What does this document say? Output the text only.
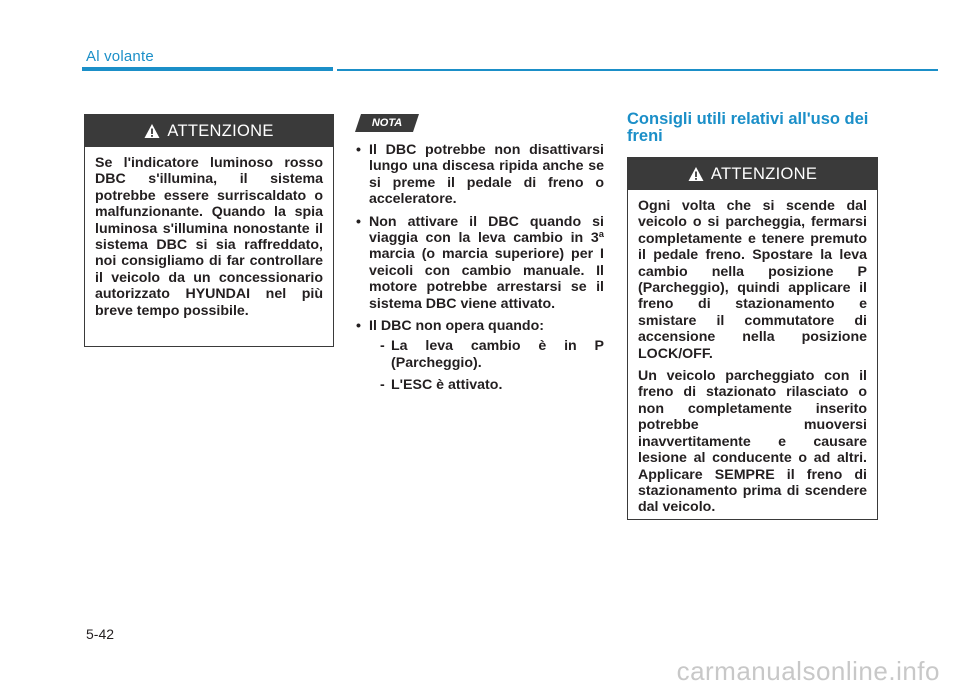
Al volante
ATTENZIONE

Se l'indicatore luminoso rosso DBC s'illumina, il sistema potrebbe essere surriscaldato o malfunzionante. Quando la spia luminosa s'illumina nonostante il sistema DBC si sia raffreddato, noi consigliamo di far controllare il veicolo da un concessionario autorizzato HYUNDAI nel più breve tempo possibile.

NOTA
• Il DBC potrebbe non disattivarsi lungo una discesa ripida anche se si preme il pedale di freno o acceleratore.
• Non attivare il DBC quando si viaggia con la leva cambio in 3ª marcia (o marcia superiore) per I veicoli con cambio manuale. Il motore potrebbe arrestarsi se il sistema DBC viene attivato.
• Il DBC non opera quando:
- La leva cambio è in P (Parcheggio).
- L'ESC è attivato.
Consigli utili relativi all'uso dei freni
ATTENZIONE

Ogni volta che si scende dal veicolo o si parcheggia, fermarsi completamente e tenere premuto il pedale freno. Spostare la leva cambio nella posizione P (Parcheggio), quindi applicare il freno di stazionamento e smistare il commutatore di accensione nella posizione LOCK/OFF.

Un veicolo parcheggiato con il freno di stazionato rilasciato o non completamente inserito potrebbe muoversi inavvertitamente e causare lesione al conducente o ad altri. Applicare SEMPRE il freno di stazionamento prima di scendere dal veicolo.

5-42
carmanualsonline.info
